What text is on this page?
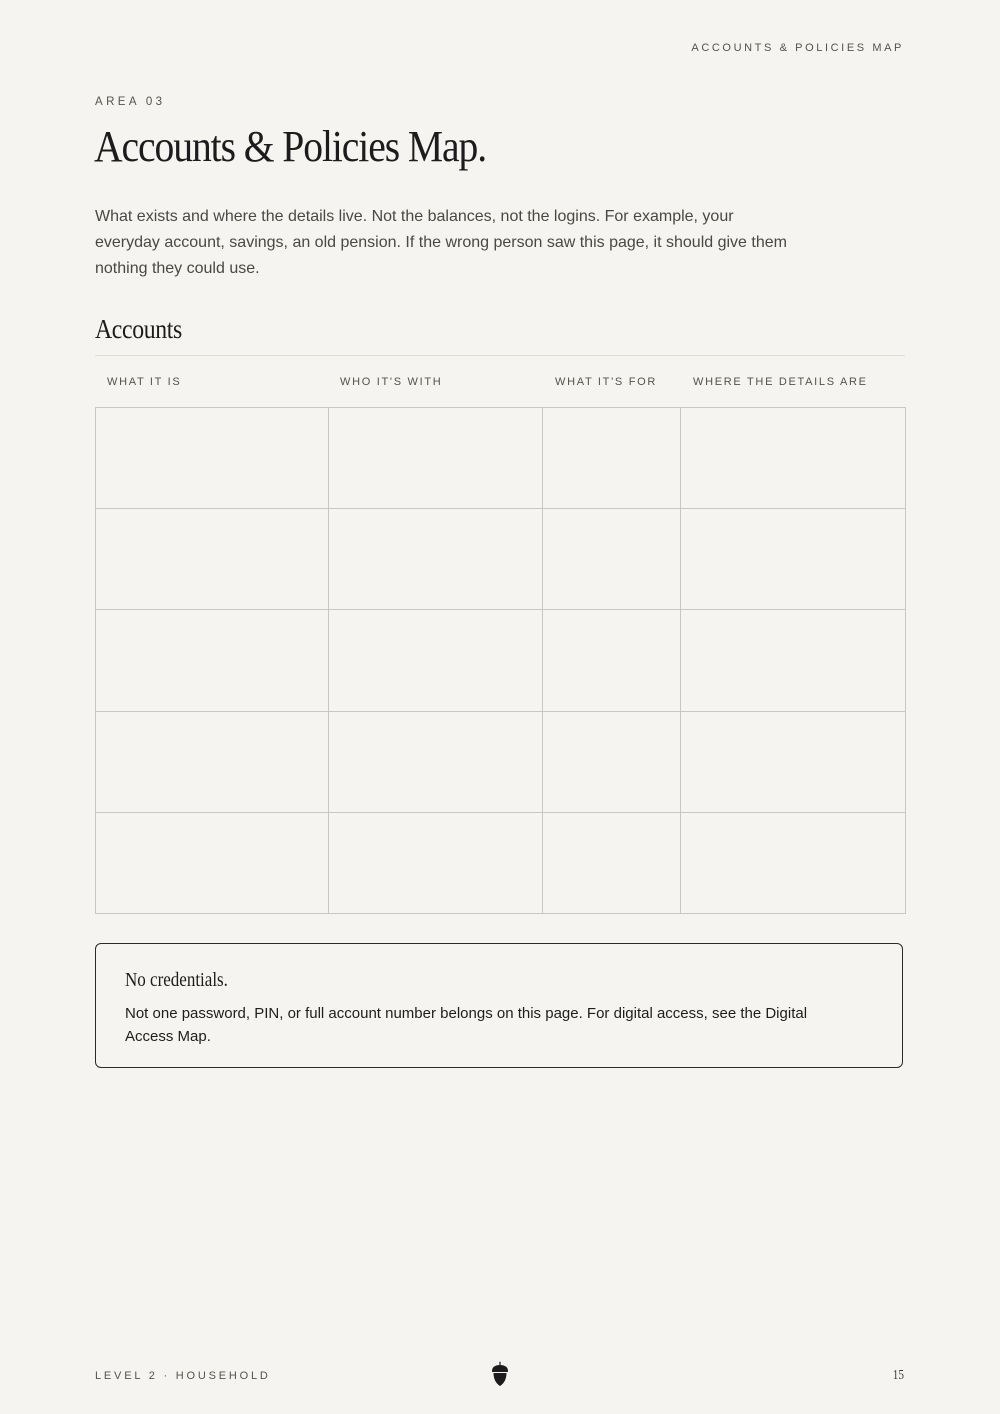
ACCOUNTS & POLICIES MAP
AREA 03
Accounts & Policies Map.

What exists and where the details live. Not the balances, not the logins. For example, your everyday account, savings, an old pension. If the wrong person saw this page, it should give them nothing they could use.

Accounts
WHAT IT IS	WHO IT'S WITH	WHAT IT'S FOR	WHERE THE DETAILS ARE

No credentials.

Not one password, PIN, or full account number belongs on this page. For digital access, see the Digital Access Map.

LEVEL 2 · HOUSEHOLD	15
